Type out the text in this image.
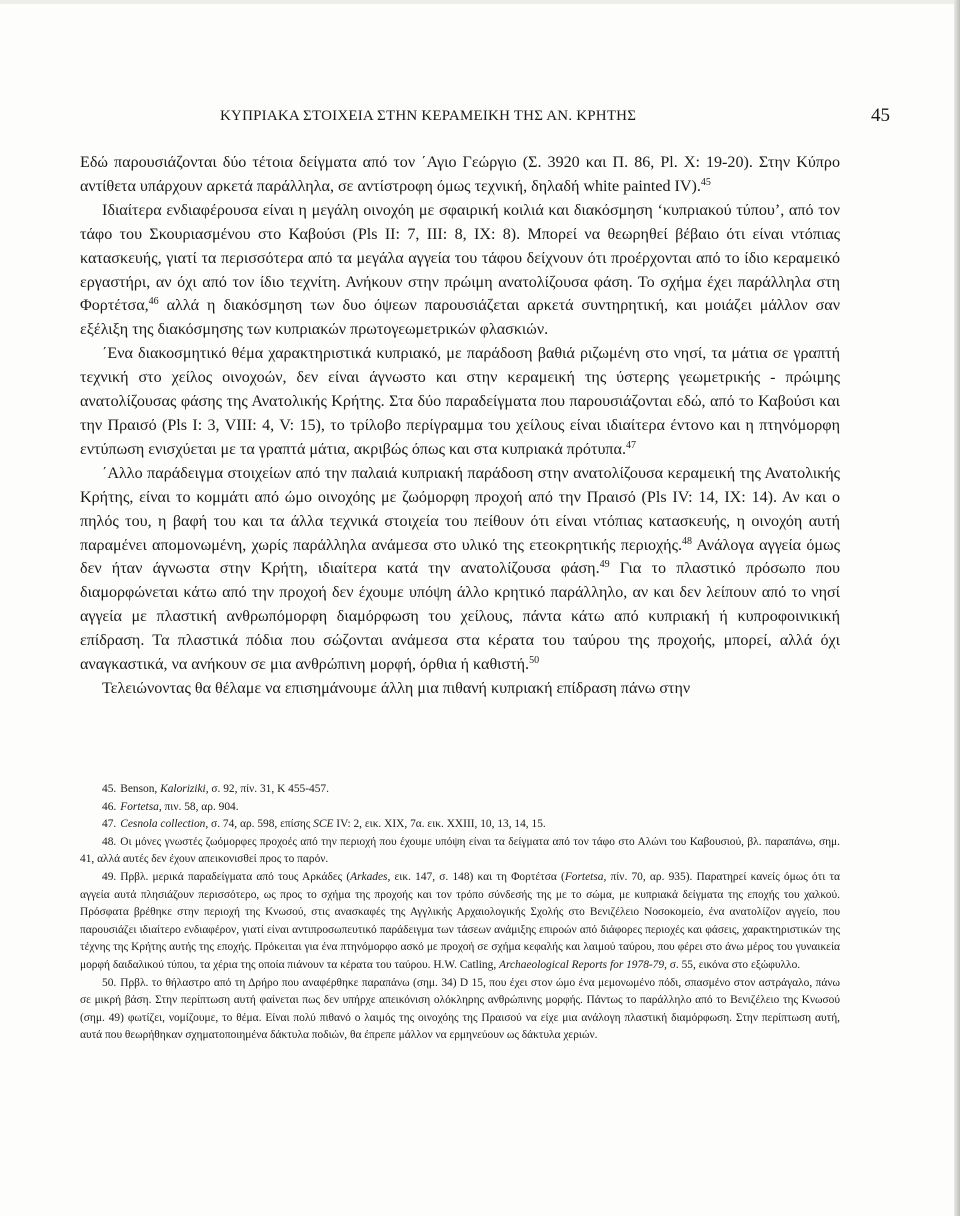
ΚΥΠΡΙΑΚΑ ΣΤΟΙΧΕΙΑ ΣΤΗΝ ΚΕΡΑΜΕΙΚΗ ΤΗΣ ΑΝ. ΚΡΗΤΗΣ	45

Εδώ παρουσιάζονται δύο τέτοια δείγματα από τον ΄Αγιο Γεώργιο (Σ. 3920 και Π. 86, Pl. X: 19-20). Στην Κύπρο αντίθετα υπάρχουν αρκετά παράλληλα, σε αντίστροφη όμως τεχνική, δηλαδή white painted IV).$^{45}$

Ιδιαίτερα ενδιαφέρουσα είναι η μεγάλη οινοχόη με σφαιρική κοιλιά και διακόσμηση ‘κυπριακού τύπου’, από τον τάφο του Σκουριασμένου στο Καβούσι (Pls II: 7, III: 8, IX: 8). Μπορεί να θεωρηθεί βέβαιο ότι είναι ντόπιας κατασκευής, γιατί τα περισσότερα από τα μεγάλα αγγεία του τάφου δείχνουν ότι προέρχονται από το ίδιο κεραμεικό εργαστήρι, αν όχι από τον ίδιο τεχνίτη. Ανήκουν στην πρώιμη ανατολίζουσα φάση. Το σχήμα έχει παράλληλα στη Φορτέτσα,$^{46}$ αλλά η διακόσμηση των δυο όψεων παρουσιάζεται αρκετά συντηρητική, και μοιάζει μάλλον σαν εξέλιξη της διακόσμησης των κυπριακών πρωτογεωμετρικών φλασκιών.

΄Ενα διακοσμητικό θέμα χαρακτηριστικά κυπριακό, με παράδοση βαθιά ριζωμένη στο νησί, τα μάτια σε γραπτή τεχνική στο χείλος οινοχοών, δεν είναι άγνωστο και στην κεραμεική της ύστερης γεωμετρικής - πρώιμης ανατολίζουσας φάσης της Ανατολικής Κρήτης. Στα δύο παραδείγματα που παρουσιάζονται εδώ, από το Καβούσι και την Πραισό (Pls I: 3, VIII: 4, V: 15), το τρίλοβο περίγραμμα του χείλους είναι ιδιαίτερα έντονο και η πτηνόμορφη εντύπωση ενισχύεται με τα γραπτά μάτια, ακριβώς όπως και στα κυπριακά πρότυπα.$^{47}$

΄Αλλο παράδειγμα στοιχείων από την παλαιά κυπριακή παράδοση στην ανατολίζουσα κεραμεική της Ανατολικής Κρήτης, είναι το κομμάτι από ώμο οινοχόης με ζωόμορφη προχοή από την Πραισό (Pls IV: 14, IX: 14). Αν και ο πηλός του, η βαφή του και τα άλλα τεχνικά στοιχεία του πείθουν ότι είναι ντόπιας κατασκευής, η οινοχόη αυτή παραμένει απομονωμένη, χωρίς παράλληλα ανάμεσα στο υλικό της ετεοκρητικής περιοχής.$^{48}$ Ανάλογα αγγεία όμως δεν ήταν άγνωστα στην Κρήτη, ιδιαίτερα κατά την ανατολίζουσα φάση.$^{49}$ Για το πλαστικό πρόσωπο που διαμορφώνεται κάτω από την προχοή δεν έχουμε υπόψη άλλο κρητικό παράλληλο, αν και δεν λείπουν από το νησί αγγεία με πλαστική ανθρωπόμορφη διαμόρφωση του χείλους, πάντα κάτω από κυπριακή ή κυπροφοινικική επίδραση. Τα πλαστικά πόδια που σώζονται ανάμεσα στα κέρατα του ταύρου της προχοής, μπορεί, αλλά όχι αναγκαστικά, να ανήκουν σε μια ανθρώπινη μορφή, όρθια ή καθιστή.$^{50}$

Τελειώνοντας θα θέλαμε να επισημάνουμε άλλη μια πιθανή κυπριακή επίδραση πάνω στην

45. Benson, Kaloriziki, σ. 92, πίν. 31, K 455-457.

46. Fortetsa, πιν. 58, αρ. 904.

47. Cesnola collection, σ. 74, αρ. 598, επίσης SCE IV: 2, εικ. XIX, 7α. εικ. XXIII, 10, 13, 14, 15.

48. Οι μόνες γνωστές ζωόμορφες προχοές από την περιοχή που έχουμε υπόψη είναι τα δείγματα από τον τάφο στο Αλώνι του Καβουσιού, βλ. παραπάνω, σημ. 41, αλλά αυτές δεν έχουν απεικονισθεί προς το παρόν.

49. Πρβλ. μερικά παραδείγματα από τους Αρκάδες (Arkades, εικ. 147, σ. 148) και τη Φορτέτσα (Fortetsa, πίν. 70, αρ. 935). Παρατηρεί κανείς όμως ότι τα αγγεία αυτά πλησιάζουν περισσότερο, ως προς το σχήμα της προχοής και τον τρόπο σύνδεσής της με το σώμα, με κυπριακά δείγματα της εποχής του χαλκού. Πρόσφατα βρέθηκε στην περιοχή της Κνωσού, στις ανασκαφές της Αγγλικής Αρχαιολογικής Σχολής στο Βενιζέλειο Νοσοκομείο, ένα ανατολίζον αγγείο, που παρουσιάζει ιδιαίτερο ενδιαφέρον, γιατί είναι αντιπροσωπευτικό παράδειγμα των τάσεων ανάμιξης επιροών από διάφορες περιοχές και φάσεις, χαρακτηριστικών της τέχνης της Κρήτης αυτής της εποχής. Πρόκειται για ένα πτηνόμορφο ασκό με προχοή σε σχήμα κεφαλής και λαιμού ταύρου, που φέρει στο άνω μέρος του γυναικεία μορφή δαιδαλικού τύπου, τα χέρια της οποία πιάνουν τα κέρατα του ταύρου. H.W. Catling, Archaeological Reports for 1978-79, σ. 55, εικόνα στο εξώφυλλο.

50. Πρβλ. το θήλαστρο από τη Δρήρο που αναφέρθηκε παραπάνω (σημ. 34) D 15, που έχει στον ώμο ένα μεμονωμένο πόδι, σπασμένο στον αστράγαλο, πάνω σε μικρή βάση. Στην περίπτωση αυτή φαίνεται πως δεν υπήρχε απεικόνιση ολόκληρης ανθρώπινης μορφής. Πάντως το παράλληλο από το Βενιζέλειο της Κνωσού (σημ. 49) φωτίζει, νομίζουμε, το θέμα. Είναι πολύ πιθανό ο λαιμός της οινοχόης της Πραισού να είχε μια ανάλογη πλαστική διαμόρφωση. Στην περίπτωση αυτή, αυτά που θεωρήθηκαν σχηματοποιημένα δάκτυλα ποδιών, θα έπρεπε μάλλον να ερμηνεύουν ως δάκτυλα χεριών.
